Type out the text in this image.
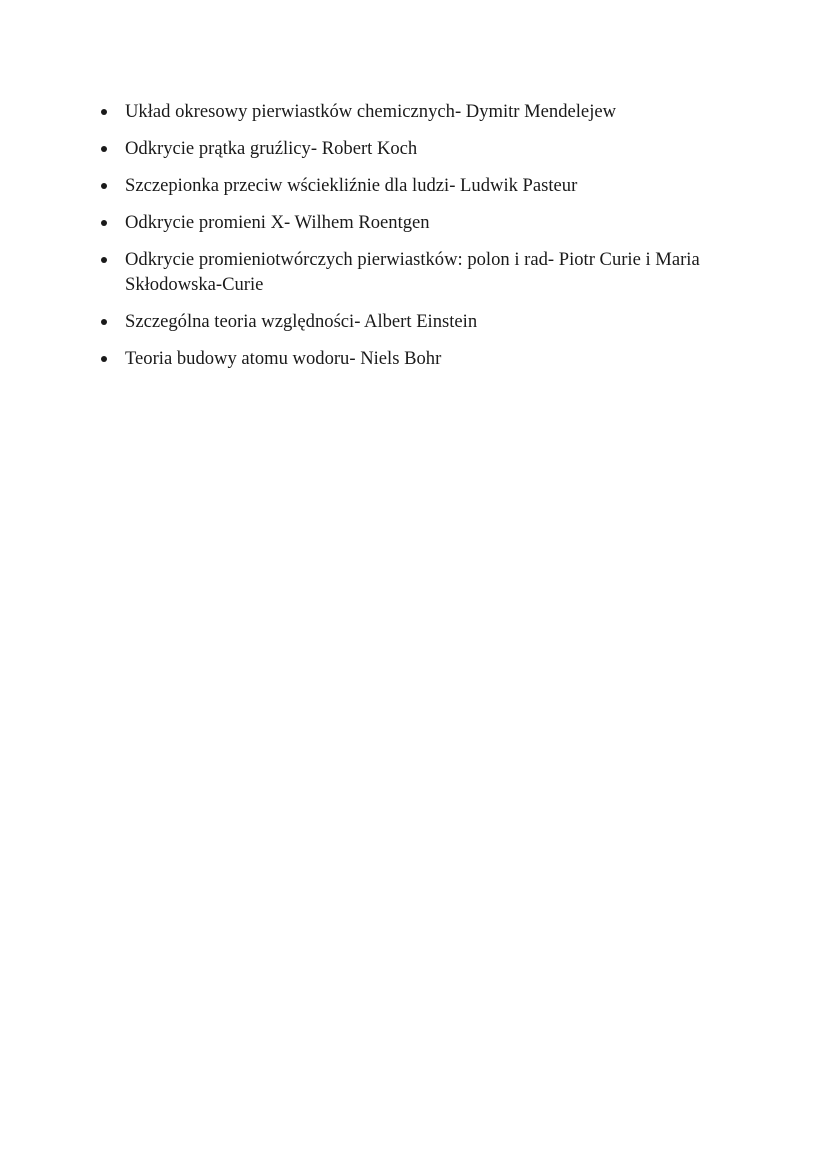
Układ okresowy pierwiastków chemicznych- Dymitr Mendelejew
Odkrycie prątka gruźlicy- Robert Koch
Szczepionka przeciw wściekliźnie dla ludzi- Ludwik Pasteur
Odkrycie promieni X- Wilhem Roentgen
Odkrycie promieniotwórczych pierwiastków: polon i rad- Piotr Curie i Maria Skłodowska-Curie
Szczególna teoria względności- Albert Einstein
Teoria budowy atomu wodoru- Niels Bohr
